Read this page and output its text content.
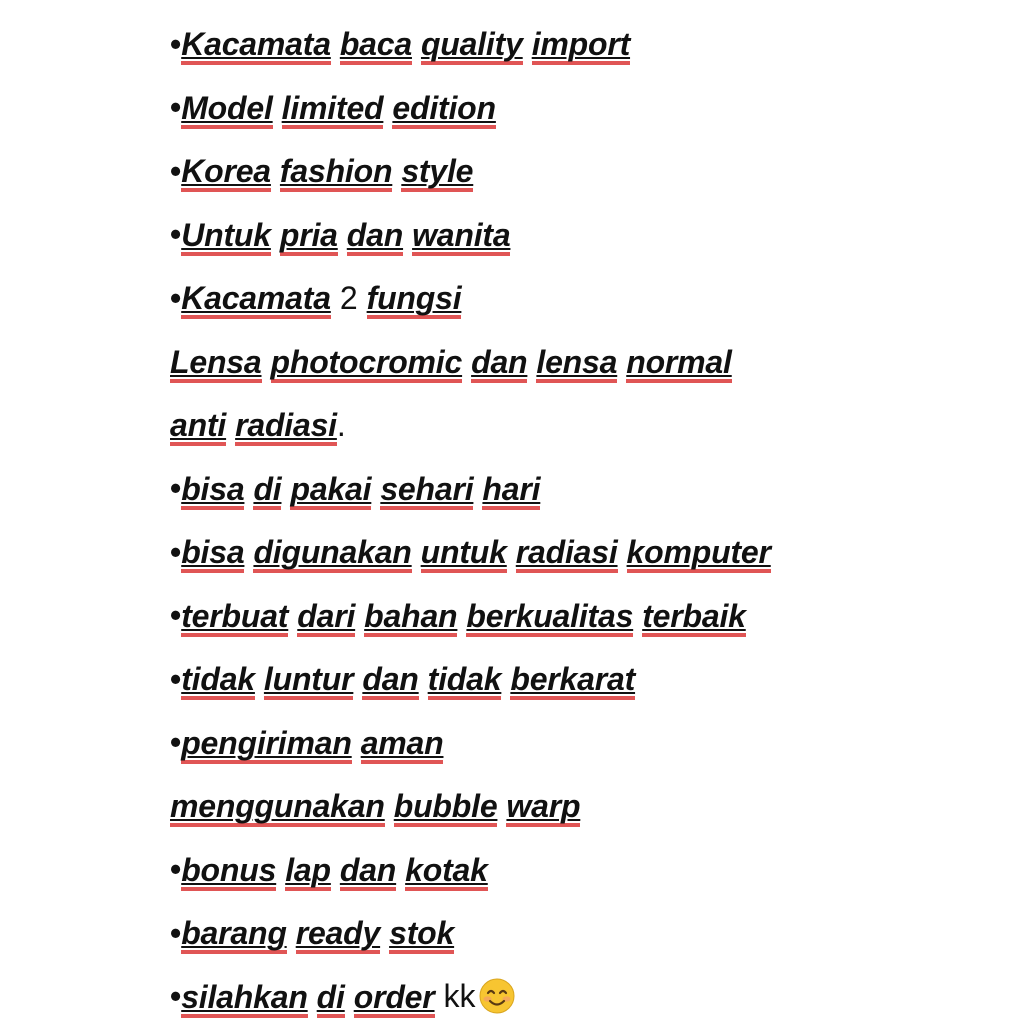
• Kacamata baca quality import
• Model limited edition
• Korea fashion style
• Untuk pria dan wanita
• Kacamata 2 fungsi
Lensa photocromic dan lensa normal
anti radiasi .
• bisa di pakai sehari hari
• bisa digunakan untuk radiasi komputer
• terbuat dari bahan berkualitas terbaik
• tidak luntur dan tidak berkarat
• pengiriman aman
menggunakan bubble warp
• bonus lap dan kotak
• barang ready stok
• silahkan di order kk
